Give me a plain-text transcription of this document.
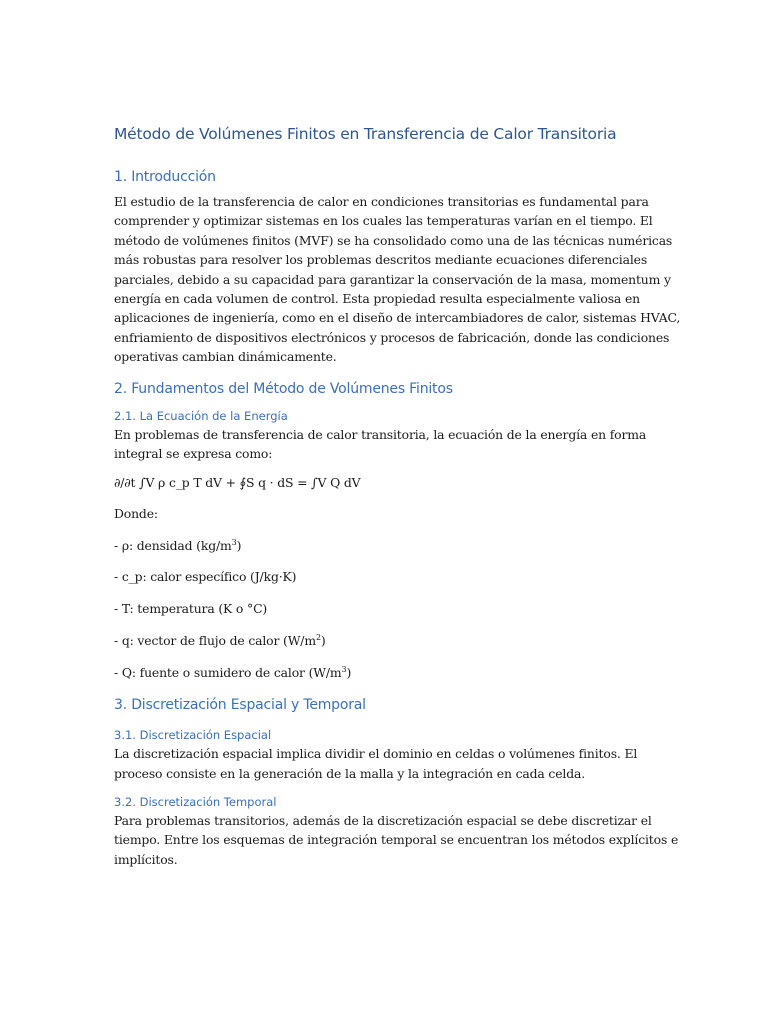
Método de Volúmenes Finitos en Transferencia de Calor Transitoria
1. Introducción

El estudio de la transferencia de calor en condiciones transitorias es fundamental para
comprender y optimizar sistemas en los cuales las temperaturas varían en el tiempo. El
método de volúmenes finitos (MVF) se ha consolidado como una de las técnicas numéricas
más robustas para resolver los problemas descritos mediante ecuaciones diferenciales
parciales, debido a su capacidad para garantizar la conservación de la masa, momentum y
energía en cada volumen de control. Esta propiedad resulta especialmente valiosa en
aplicaciones de ingeniería, como en el diseño de intercambiadores de calor, sistemas HVAC,
enfriamiento de dispositivos electrónicos y procesos de fabricación, donde las condiciones
operativas cambian dinámicamente.

2. Fundamentos del Método de Volúmenes Finitos
2.1. La Ecuación de la Energía

En problemas de transferencia de calor transitoria, la ecuación de la energía en forma
integral se expresa como:

∂/∂t ∫V ρ c_p T dV + ∮S q · dS = ∫V Q dV

Donde:

- ρ: densidad $(kg/m^3)$

- c_p: calor específico (J/kg·K)

- T: temperatura (K o °C)

- q: vector de flujo de calor $(W/m^2)$

- Q: fuente o sumidero de calor $(W/m^3)$

3. Discretización Espacial y Temporal
3.1. Discretización Espacial

La discretización espacial implica dividir el dominio en celdas o volúmenes finitos. El
proceso consiste en la generación de la malla y la integración en cada celda.

3.2. Discretización Temporal

Para problemas transitorios, además de la discretización espacial se debe discretizar el
tiempo. Entre los esquemas de integración temporal se encuentran los métodos explícitos e
implícitos.
